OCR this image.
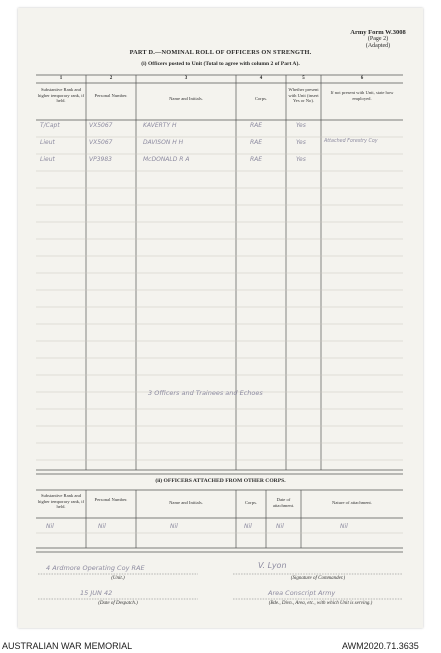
Army Form W.3008
(Page 2)
(Adapted)
PART D.—NOMINAL ROLL OF OFFICERS ON STRENGTH.
(i) Officers posted to Unit (Total to agree with column 2 of Part A).
1	2	3	4	5	6
Substantive Rank and higher temporary rank, if held.
Personal Number.
Name and Initials.	Corps.
Whether present with Unit (insert Yes or No).
If not present with Unit, state how employed.
T/Capt	VX5067	KAVERTY H	RAE	Yes
Lieut	VX5067	DAVISON H H	RAE	Yes	Attached Forestry Coy
Lieut	VP3983	McDONALD R A	RAE	Yes
3 Officers and Trainees and Echoes
(ii) OFFICERS ATTACHED FROM OTHER CORPS.
Substantive Rank and higher temporary rank, if held.
Personal Number.
Name and Initials.	Corps.
Date of attachment.	Nature of attachment.
Nil	Nil	Nil	Nil	Nil	Nil
4 Ardmore Operating Coy RAE
(Unit.)
V. Lyon
(Signature of Commander.)
15 JUN 42
(Date of Despatch.)
Area Conscript Army
(Bde., Divn., Area, etc., with which Unit is serving.)
AUSTRALIAN WAR MEMORIAL	AWM2020.71.3635
